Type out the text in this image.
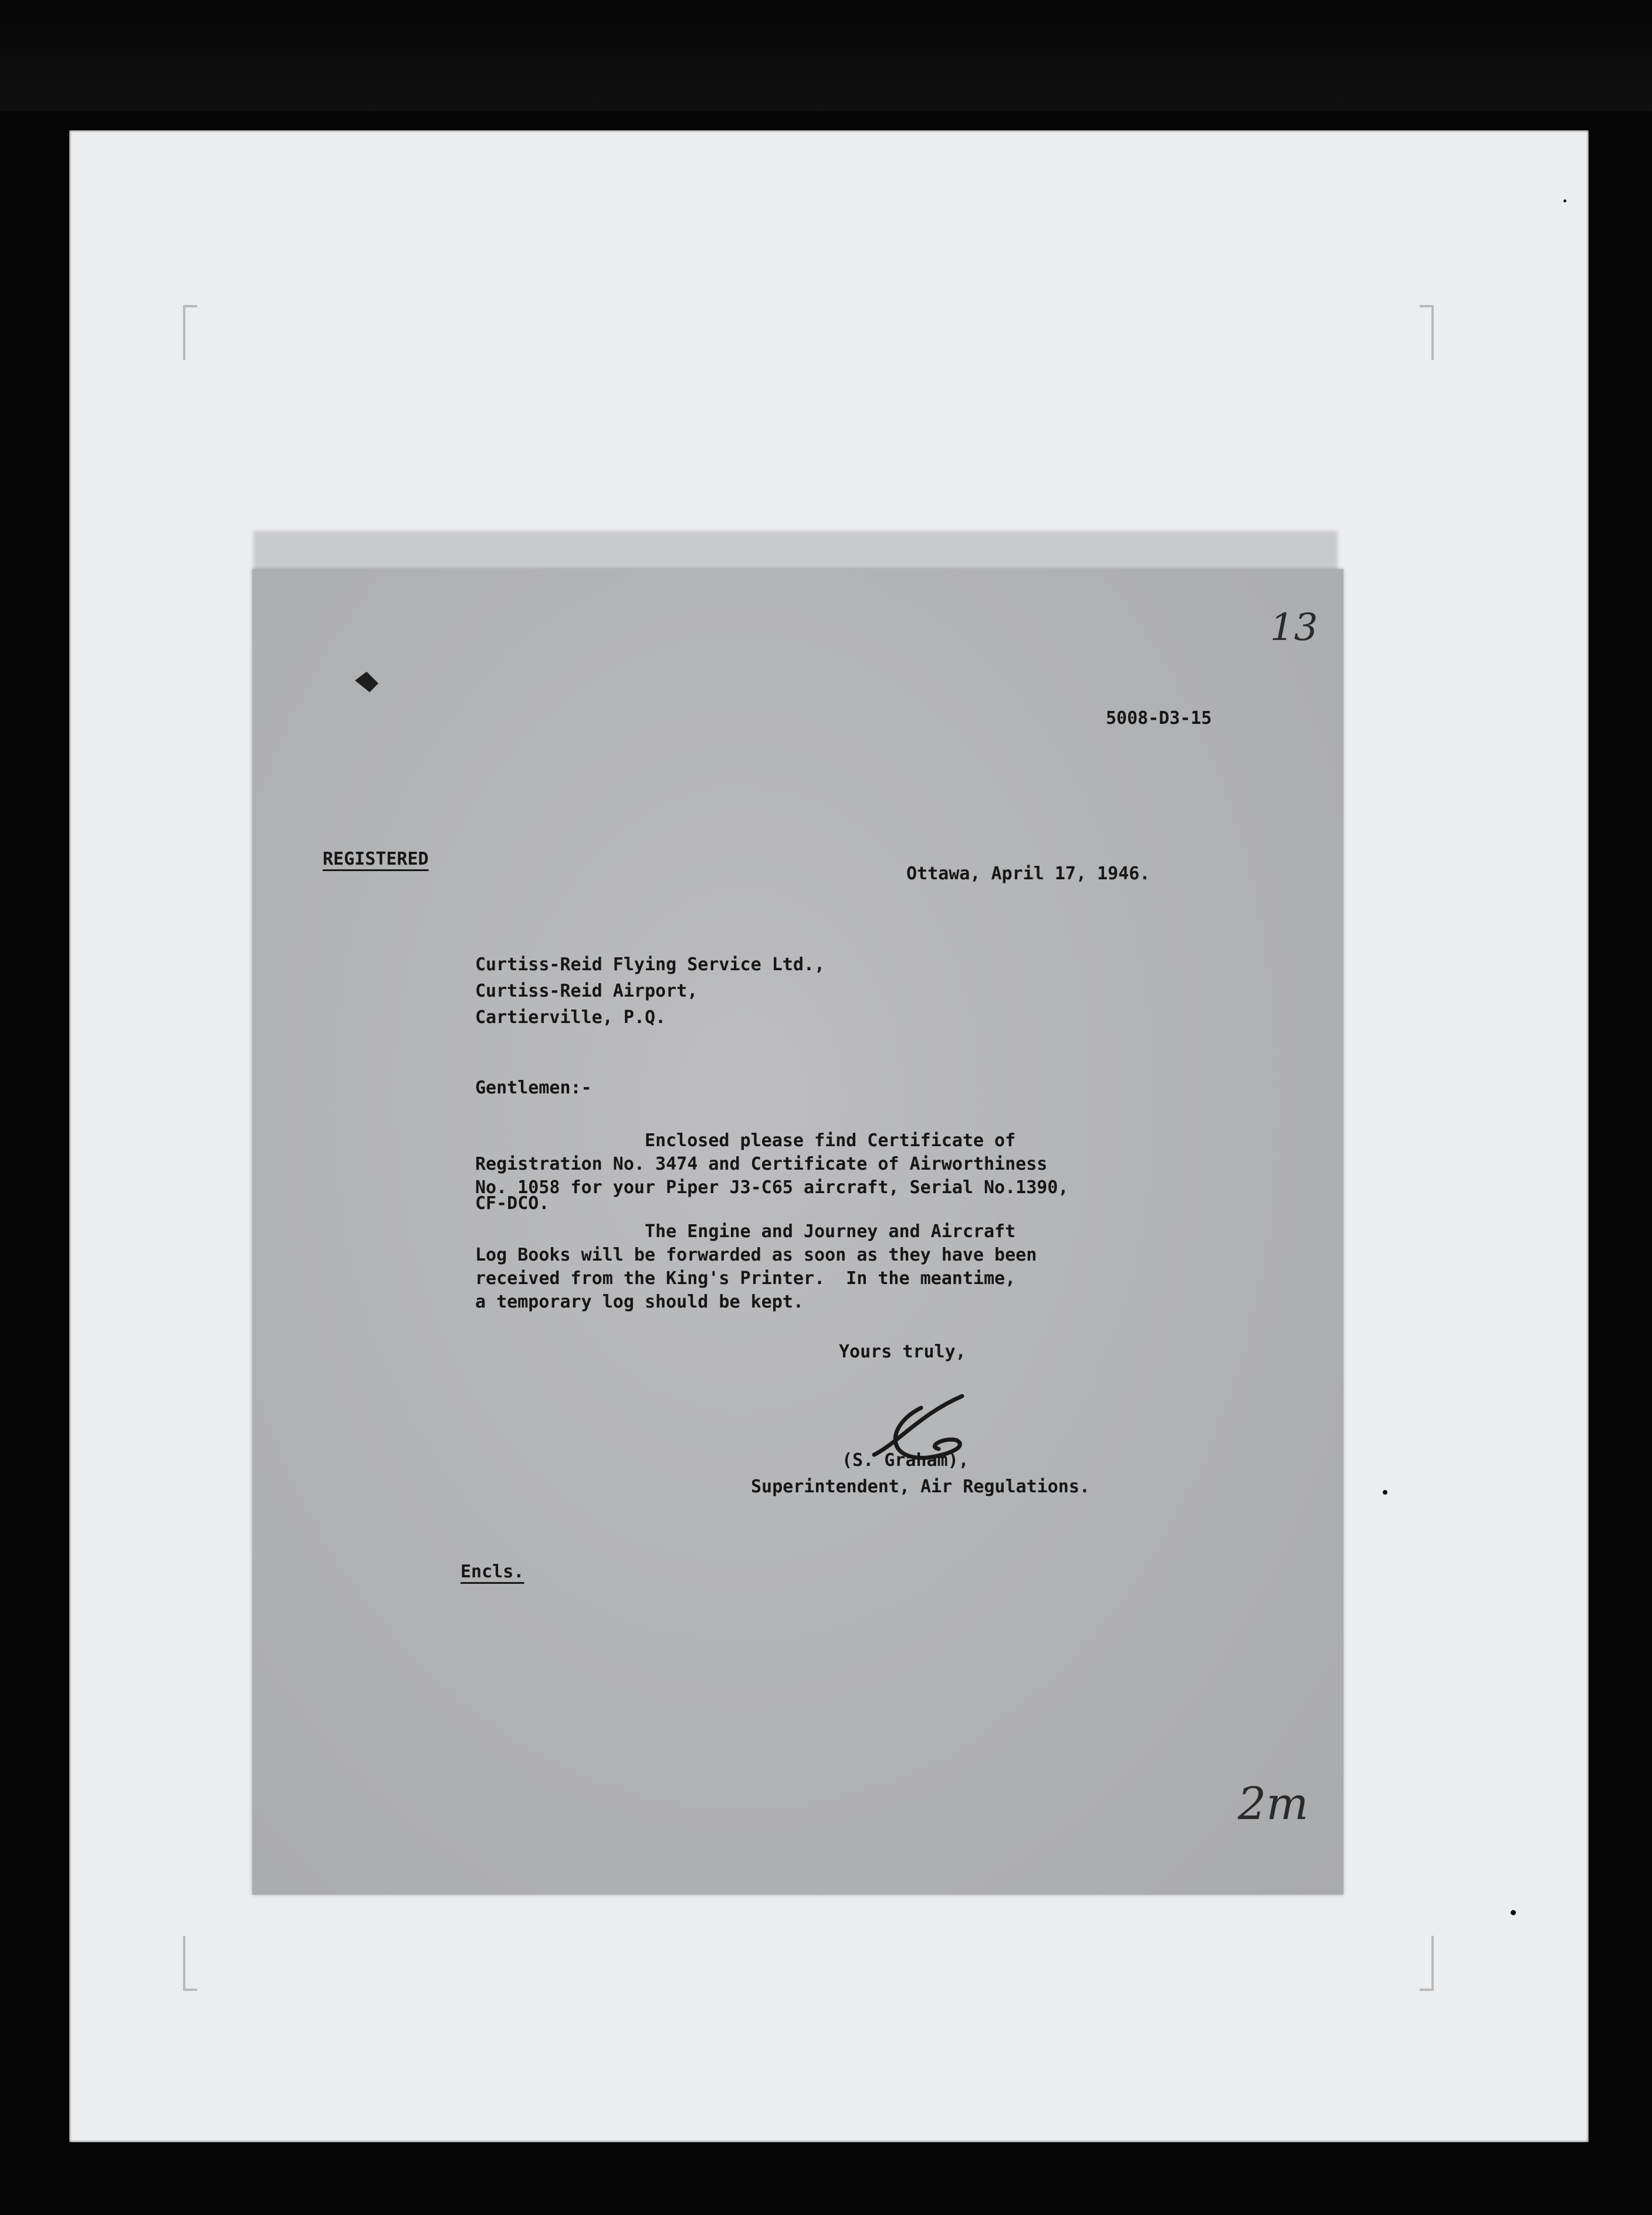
13
5008-D3-15
REGISTERED
Ottawa, April 17, 1946.
Curtiss-Reid Flying Service Ltd.,
Curtiss-Reid Airport,
Cartierville, P.Q.
Gentlemen:-
Enclosed please find Certificate of
Registration No. 3474 and Certificate of Airworthiness
No. 1058 for your Piper J3-C65 aircraft, Serial No.1390,
CF-DCO.
The Engine and Journey and Aircraft
Log Books will be forwarded as soon as they have been
received from the King's Printer.  In the meantime,
a temporary log should be kept.
Yours truly,
(S. Graham),
Superintendent, Air Regulations.
Encls.
2m
